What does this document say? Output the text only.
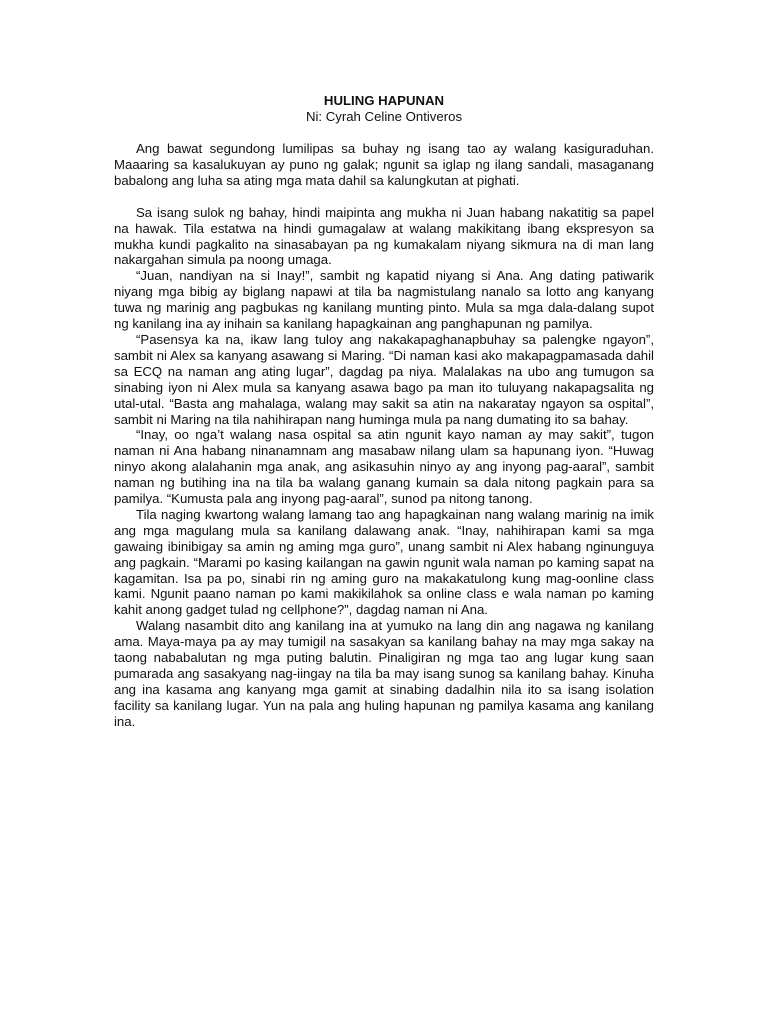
HULING HAPUNAN

Ni: Cyrah Celine Ontiveros

Ang bawat segundong lumilipas sa buhay ng isang tao ay walang kasiguraduhan. Maaaring sa kasalukuyan ay puno ng galak; ngunit sa iglap ng ilang sandali, masaganang babalong ang luha sa ating mga mata dahil sa kalungkutan at pighati.

Sa isang sulok ng bahay, hindi maipinta ang mukha ni Juan habang nakatitig sa papel na hawak. Tila estatwa na hindi gumagalaw at walang makikitang ibang ekspresyon sa mukha kundi pagkalito na sinasabayan pa ng kumakalam niyang sikmura na di man lang nakargahan simula pa noong umaga.

“Juan, nandiyan na si Inay!”, sambit ng kapatid niyang si Ana. Ang dating patiwarik niyang mga bibig ay biglang napawi at tila ba nagmistulang nanalo sa lotto ang kanyang tuwa ng marinig ang pagbukas ng kanilang munting pinto. Mula sa mga dala-dalang supot ng kanilang ina ay inihain sa kanilang hapagkainan ang panghapunan ng pamilya.

“Pasensya ka na, ikaw lang tuloy ang nakakapaghanapbuhay sa palengke ngayon”, sambit ni Alex sa kanyang asawang si Maring. “Di naman kasi ako makapagpamasada dahil sa ECQ na naman ang ating lugar”, dagdag pa niya. Malalakas na ubo ang tumugon sa sinabing iyon ni Alex mula sa kanyang asawa bago pa man ito tuluyang nakapagsalita ng utal-utal. “Basta ang mahalaga, walang may sakit sa atin na nakaratay ngayon sa ospital”, sambit ni Maring na tila nahihirapan nang huminga mula pa nang dumating ito sa bahay.

“Inay, oo nga’t walang nasa ospital sa atin ngunit kayo naman ay may sakit”, tugon naman ni Ana habang ninanamnam ang masabaw nilang ulam sa hapunang iyon. “Huwag ninyo akong alalahanin mga anak, ang asikasuhin ninyo ay ang inyong pag-aaral”, sambit naman ng butihing ina na tila ba walang ganang kumain sa dala nitong pagkain para sa pamilya. “Kumusta pala ang inyong pag-aaral”, sunod pa nitong tanong.

Tila naging kwartong walang lamang tao ang hapagkainan nang walang marinig na imik ang mga magulang mula sa kanilang dalawang anak. “Inay, nahihirapan kami sa mga gawaing ibinibigay sa amin ng aming mga guro”, unang sambit ni Alex habang nginunguya ang pagkain. “Marami po kasing kailangan na gawin ngunit wala naman po kaming sapat na kagamitan. Isa pa po, sinabi rin ng aming guro na makakatulong kung mag-oonline class kami. Ngunit paano naman po kami makikilahok sa online class e wala naman po kaming kahit anong gadget tulad ng cellphone?”, dagdag naman ni Ana.

Walang nasambit dito ang kanilang ina at yumuko na lang din ang nagawa ng kanilang ama. Maya-maya pa ay may tumigil na sasakyan sa kanilang bahay na may mga sakay na taong nababalutan ng mga puting balutin. Pinaligiran ng mga tao ang lugar kung saan pumarada ang sasakyang nag-iingay na tila ba may isang sunog sa kanilang bahay. Kinuha ang ina kasama ang kanyang mga gamit at sinabing dadalhin nila ito sa isang isolation facility sa kanilang lugar. Yun na pala ang huling hapunan ng pamilya kasama ang kanilang ina.
